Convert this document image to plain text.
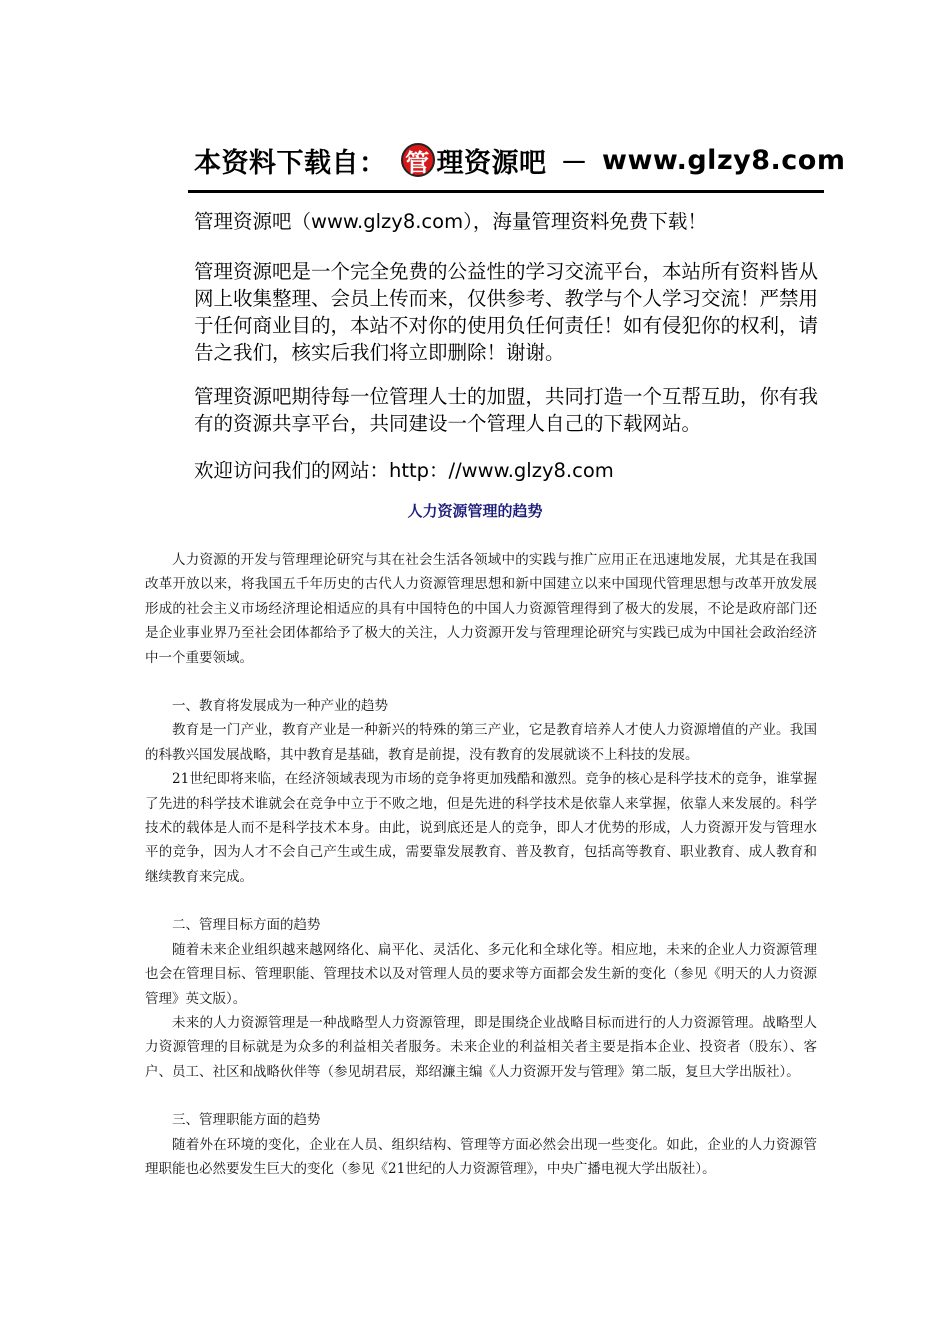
本资料下载自： 管 理资源吧 － www.glzy8.com
管理资源吧（www.glzy8.com），海量管理资料免费下载！
管理资源吧是一个完全免费的公益性的学习交流平台，本站所有资料皆从网上收集整理、会员上传而来，仅供参考、教学与个人学习交流！严禁用于任何商业目的，本站不对你的使用负任何责任！如有侵犯你的权利，请告之我们，核实后我们将立即删除！谢谢。
管理资源吧期待每一位管理人士的加盟，共同打造一个互帮互助，你有我有的资源共享平台，共同建设一个管理人自己的下载网站。
欢迎访问我们的网站：http：//www.glzy8.com
人力资源管理的趋势

人力资源的开发与管理理论研究与其在社会生活各领域中的实践与推广应用正在迅速地发展，尤其是在我国改革开放以来，将我国五千年历史的古代人力资源管理思想和新中国建立以来中国现代管理思想与改革开放发展形成的社会主义市场经济理论相适应的具有中国特色的中国人力资源管理得到了极大的发展，不论是政府部门还是企业事业界乃至社会团体都给予了极大的关注，人力资源开发与管理理论研究与实践已成为中国社会政治经济中一个重要领域。

一、教育将发展成为一种产业的趋势

教育是一门产业，教育产业是一种新兴的特殊的第三产业，它是教育培养人才使人力资源增值的产业。我国的科教兴国发展战略，其中教育是基础，教育是前提，没有教育的发展就谈不上科技的发展。

21世纪即将来临，在经济领域表现为市场的竞争将更加残酷和激烈。竞争的核心是科学技术的竞争，谁掌握了先进的科学技术谁就会在竞争中立于不败之地，但是先进的科学技术是依靠人来掌握，依靠人来发展的。科学技术的载体是人而不是科学技术本身。由此，说到底还是人的竞争，即人才优势的形成，人力资源开发与管理水平的竞争，因为人才不会自己产生或生成，需要靠发展教育、普及教育，包括高等教育、职业教育、成人教育和继续教育来完成。

二、管理目标方面的趋势

随着未来企业组织越来越网络化、扁平化、灵活化、多元化和全球化等。相应地，未来的企业人力资源管理也会在管理目标、管理职能、管理技术以及对管理人员的要求等方面都会发生新的变化（参见《明天的人力资源管理》英文版）。

未来的人力资源管理是一种战略型人力资源管理，即是围绕企业战略目标而进行的人力资源管理。战略型人力资源管理的目标就是为众多的利益相关者服务。未来企业的利益相关者主要是指本企业、投资者（股东）、客户、员工、社区和战略伙伴等（参见胡君辰，郑绍濂主编《人力资源开发与管理》第二版，复旦大学出版社）。

三、管理职能方面的趋势

随着外在环境的变化，企业在人员、组织结构、管理等方面必然会出现一些变化。如此，企业的人力资源管理职能也必然要发生巨大的变化（参见《21世纪的人力资源管理》，中央广播电视大学出版社）。
